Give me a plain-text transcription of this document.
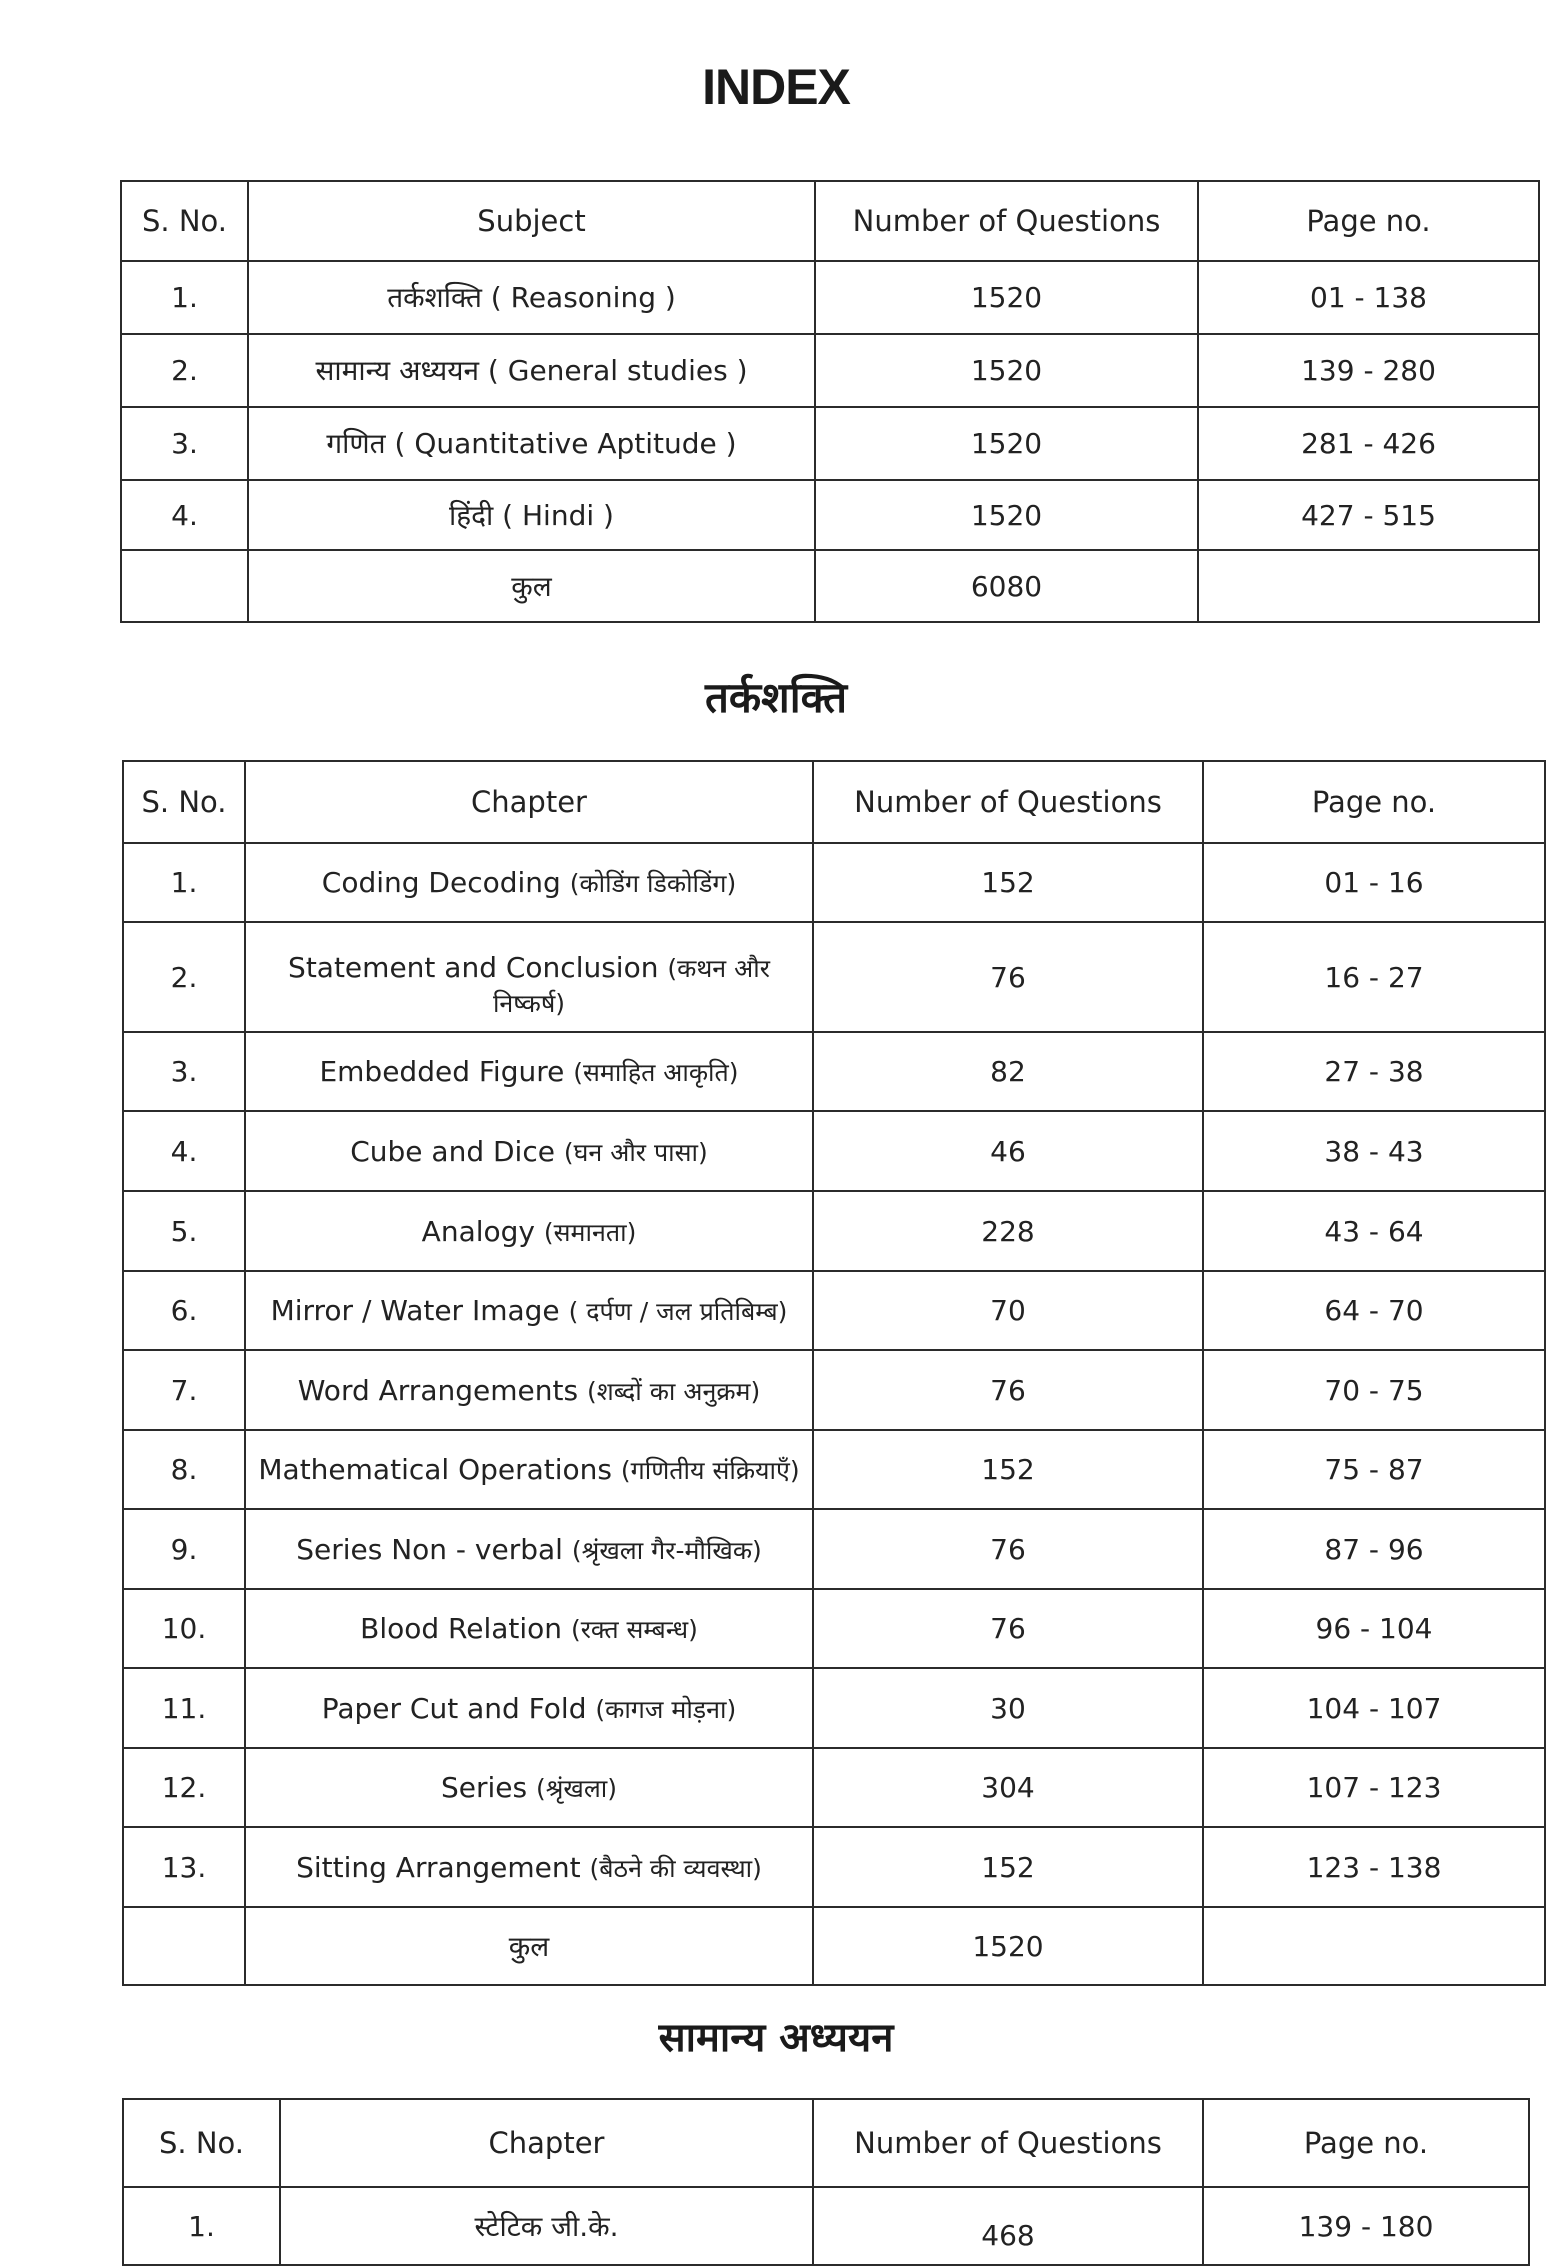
INDEX
S. No.	Subject	Number of Questions	Page no.
1.	तर्कशक्ति ( Reasoning )	1520	01 - 138
2.	सामान्य अध्ययन ( General studies )	1520	139 - 280
3.	गणित ( Quantitative Aptitude )	1520	281 - 426
4.	हिंदी ( Hindi )	1520	427 - 515
	कुल	6080	
तर्कशक्ति
S. No.	Chapter	Number of Questions	Page no.
1.	Coding Decoding (कोडिंग डिकोडिंग)	152	01 - 16
2.	Statement and Conclusion (कथन और निष्कर्ष)	76	16 - 27
3.	Embedded Figure (समाहित आकृति)	82	27 - 38
4.	Cube and Dice (घन और पासा)	46	38 - 43
5.	Analogy (समानता)	228	43 - 64
6.	Mirror / Water Image ( दर्पण / जल प्रतिबिम्ब)	70	64 - 70
7.	Word Arrangements (शब्दों का अनुक्रम)	76	70 - 75
8.	Mathematical Operations (गणितीय संक्रियाएँ)	152	75 - 87
9.	Series Non - verbal (श्रृंखला गैर-मौखिक)	76	87 - 96
10.	Blood Relation (रक्त सम्बन्ध)	76	96 - 104
11.	Paper Cut and Fold (कागज मोड़ना)	30	104 - 107
12.	Series (श्रृंखला)	304	107 - 123
13.	Sitting Arrangement (बैठने की व्यवस्था)	152	123 - 138
	कुल	1520	
सामान्य अध्ययन
S. No.	Chapter	Number of Questions	Page no.
1.	स्टेटिक जी.के.	468	139 - 180
